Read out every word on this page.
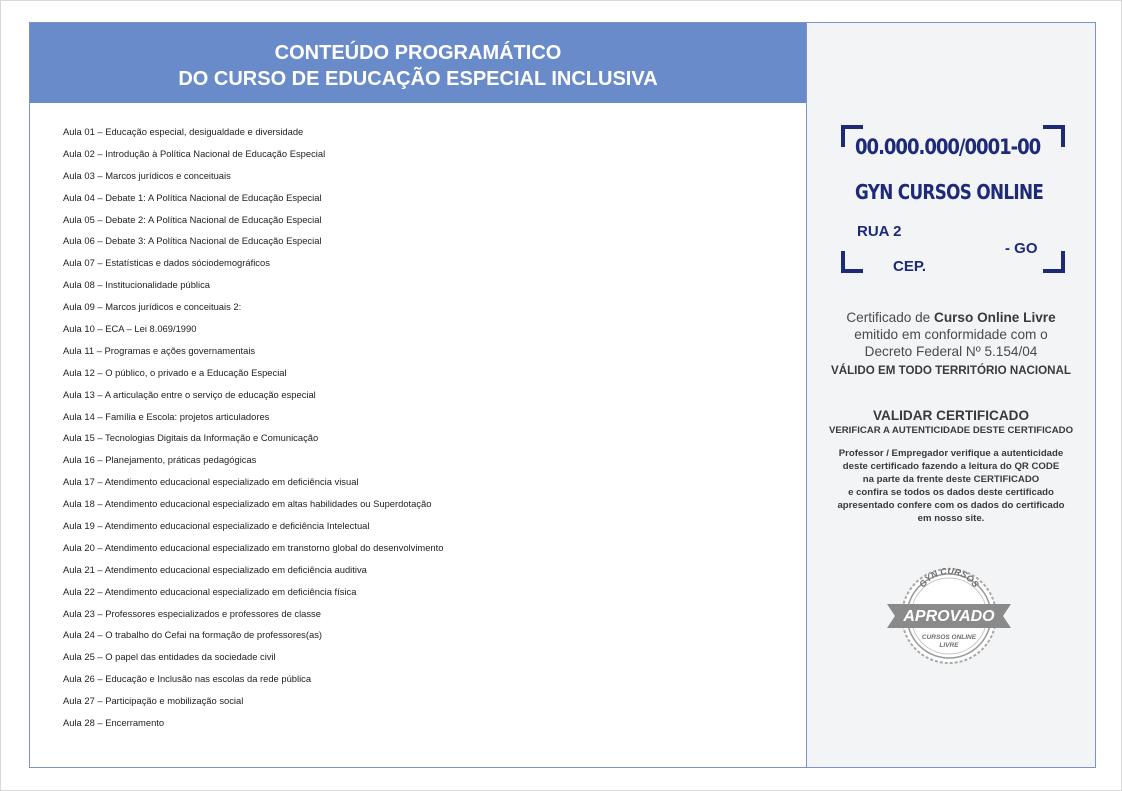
CONTEÚDO PROGRAMÁTICO
DO CURSO DE EDUCAÇÃO ESPECIAL INCLUSIVA
Aula 01 – Educação especial, desigualdade e diversidade
Aula 02 – Introdução à Política Nacional de Educação Especial
Aula 03 – Marcos jurídicos e conceituais
Aula 04 – Debate 1: A Política Nacional de Educação Especial
Aula 05 – Debate 2: A Política Nacional de Educação Especial
Aula 06 – Debate 3: A Política Nacional de Educação Especial
Aula 07 – Estatísticas e dados sóciodemográficos
Aula 08 – Institucionalidade pública
Aula 09 – Marcos jurídicos e conceituais 2:
Aula 10 – ECA – Lei 8.069/1990
Aula 11 – Programas e ações governamentais
Aula 12 – O público, o privado e a Educação Especial
Aula 13 – A articulação entre o serviço de educação especial
Aula 14 – Família e Escola: projetos articuladores
Aula 15 – Tecnologias Digitais da Informação e Comunicação
Aula 16 – Planejamento, práticas pedagógicas
Aula 17 – Atendimento educacional especializado em deficiência visual
Aula 18 – Atendimento educacional especializado em altas habilidades ou Superdotação
Aula 19 – Atendimento educacional especializado e deficiência Intelectual
Aula 20 – Atendimento educacional especializado em transtorno global do desenvolvimento
Aula 21 – Atendimento educacional especializado em deficiência auditiva
Aula 22 – Atendimento educacional especializado em deficiência física
Aula 23 – Professores especializados e professores de classe
Aula 24 – O trabalho do Cefai na formação de professores(as)
Aula 25 – O papel das entidades da sociedade civil
Aula 26 – Educação e Inclusão nas escolas da rede pública
Aula 27 – Participação e mobilização social
Aula 28 – Encerramento
00.000.000/0001-00
GYN CURSOS ONLINE
RUA 2
- GO
CEP.
Certificado de Curso Online Livre
emitido em conformidade com o
Decreto Federal Nº 5.154/04
VÁLIDO EM TODO TERRITÓRIO NACIONAL
VALIDAR CERTIFICADO
VERIFICAR A AUTENTICIDADE DESTE CERTIFICADO
Professor / Empregador verifique a autenticidade
deste certificado fazendo a leitura do QR CODE
na parte da frente deste CERTIFICADO
e confira se todos os dados deste certificado
apresentado confere com os dados do certificado
em nosso site.
GYN CURSOS
APROVADO
CURSOS ONLINE
LIVRE
